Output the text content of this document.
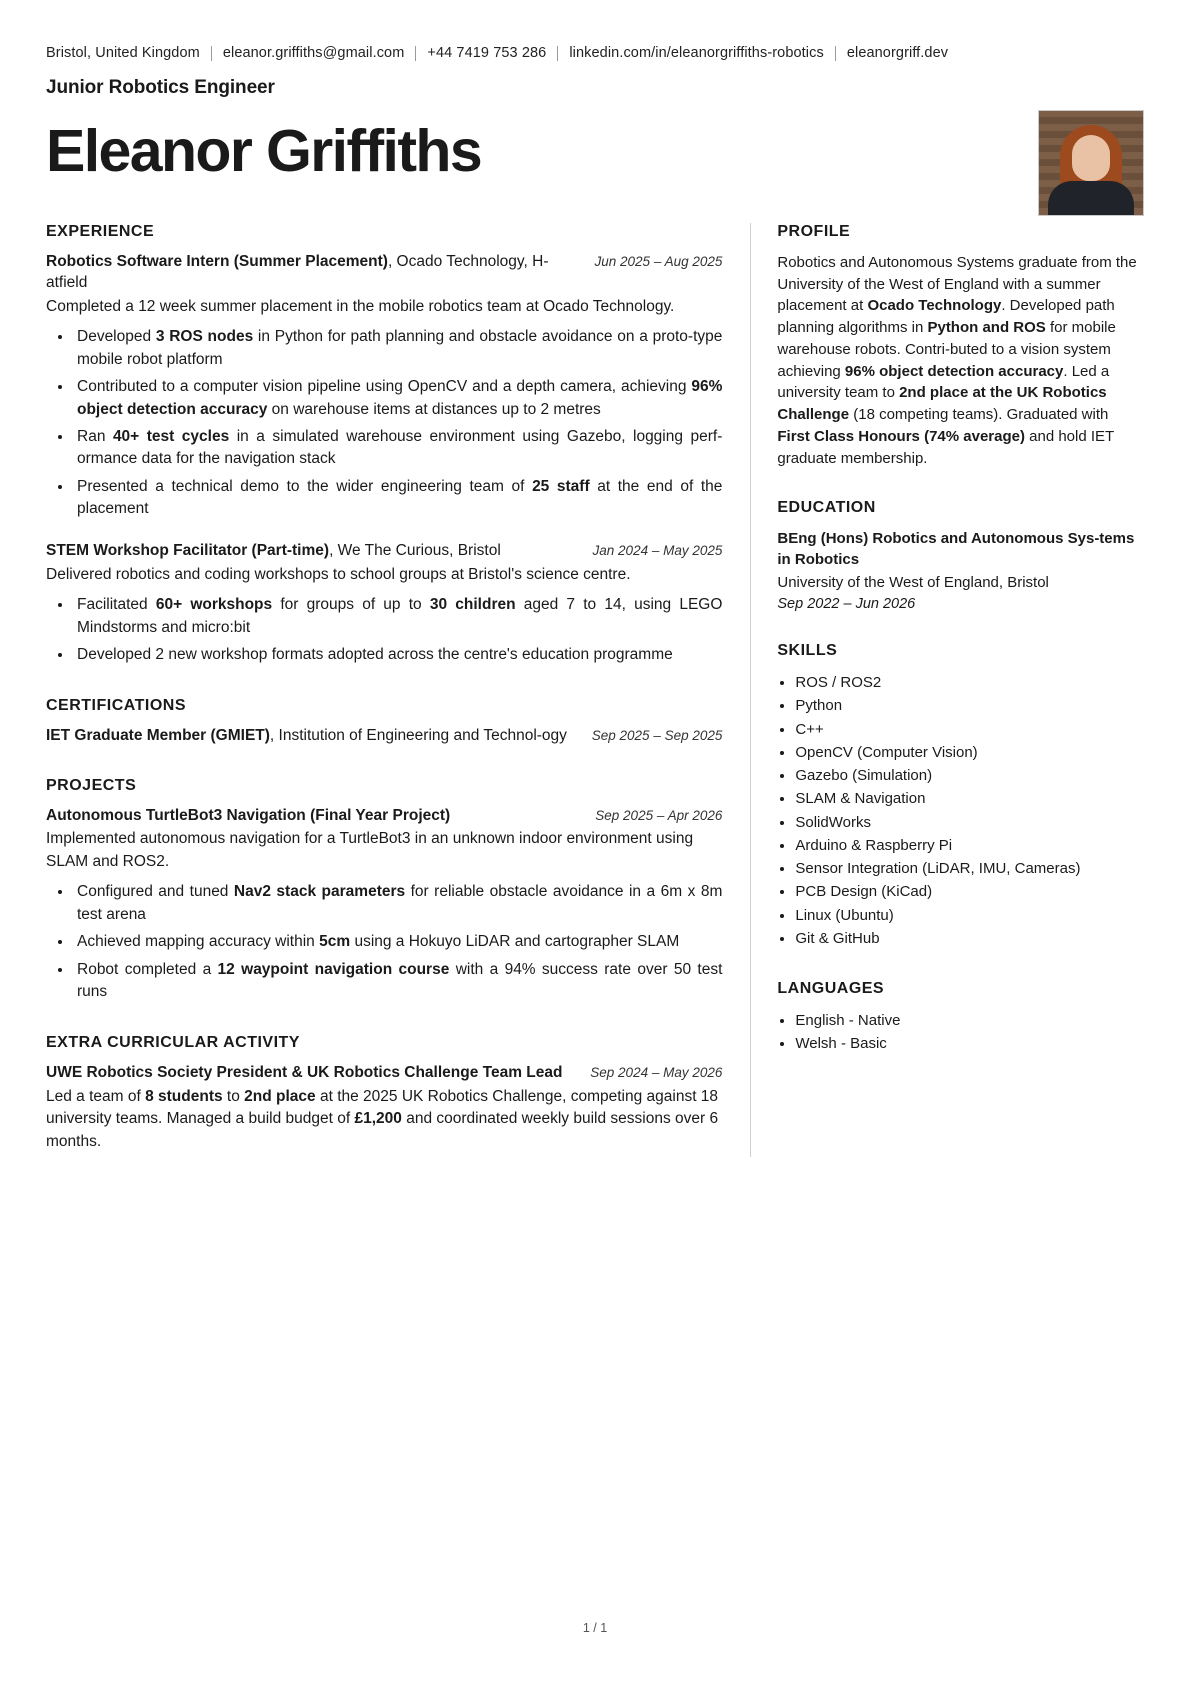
Bristol, United Kingdom eleanor.griffiths@gmail.com +44 7419 753 286 linkedin.com/in/eleanorgriffiths-robotics eleanorgriff.dev
Junior Robotics Engineer
Eleanor Griffiths
EXPERIENCE
Robotics Software Intern (Summer Placement), Ocado Technology, H-atfield
Jun 2025 – Aug 2025
Completed a 12 week summer placement in the mobile robotics team at Ocado Technology.
• Developed 3 ROS nodes in Python for path planning and obstacle avoidance on a proto-type mobile robot platform
• Contributed to a computer vision pipeline using OpenCV and a depth camera, achieving 96% object detection accuracy on warehouse items at distances up to 2 metres
• Ran 40+ test cycles in a simulated warehouse environment using Gazebo, logging perf-ormance data for the navigation stack
• Presented a technical demo to the wider engineering team of 25 staff at the end of the placement
STEM Workshop Facilitator (Part-time), We The Curious, Bristol	Jan 2024 – May 2025
Delivered robotics and coding workshops to school groups at Bristol's science centre.
• Facilitated 60+ workshops for groups of up to 30 children aged 7 to 14, using LEGO Mindstorms and micro:bit
• Developed 2 new workshop formats adopted across the centre's education programme
CERTIFICATIONS
IET Graduate Member (GMIET), Institution of Engineering and Technol-ogy	Sep 2025 – Sep 2025
PROJECTS
Autonomous TurtleBot3 Navigation (Final Year Project)	Sep 2025 – Apr 2026
Implemented autonomous navigation for a TurtleBot3 in an unknown indoor environment using SLAM and ROS2.
• Configured and tuned Nav2 stack parameters for reliable obstacle avoidance in a 6m x 8m test arena
• Achieved mapping accuracy within 5cm using a Hokuyo LiDAR and cartographer SLAM
• Robot completed a 12 waypoint navigation course with a 94% success rate over 50 test runs
EXTRA CURRICULAR ACTIVITY
UWE Robotics Society President & UK Robotics Challenge Team Lead	Sep 2024 – May 2026
Led a team of 8 students to 2nd place at the 2025 UK Robotics Challenge, competing against 18 university teams. Managed a build budget of £1,200 and coordinated weekly build sessions over 6 months.
PROFILE
Robotics and Autonomous Systems graduate from the University of the West of England with a summer placement at Ocado Technology. Developed path planning algorithms in Python and ROS for mobile warehouse robots. Contri-buted to a vision system achieving 96% object detection accuracy. Led a university team to 2nd place at the UK Robotics Challenge (18 competing teams). Graduated with First Class Honours (74% average) and hold IET graduate membership.
EDUCATION
BEng (Hons) Robotics and Autonomous Sys-tems in Robotics
University of the West of England, Bristol
Sep 2022 – Jun 2026
SKILLS
• ROS / ROS2
• Python
• C++
• OpenCV (Computer Vision)
• Gazebo (Simulation)
• SLAM & Navigation
• SolidWorks
• Arduino & Raspberry Pi
• Sensor Integration (LiDAR, IMU, Cameras)
• PCB Design (KiCad)
• Linux (Ubuntu)
• Git & GitHub
LANGUAGES
• English - Native
• Welsh - Basic
1 / 1
